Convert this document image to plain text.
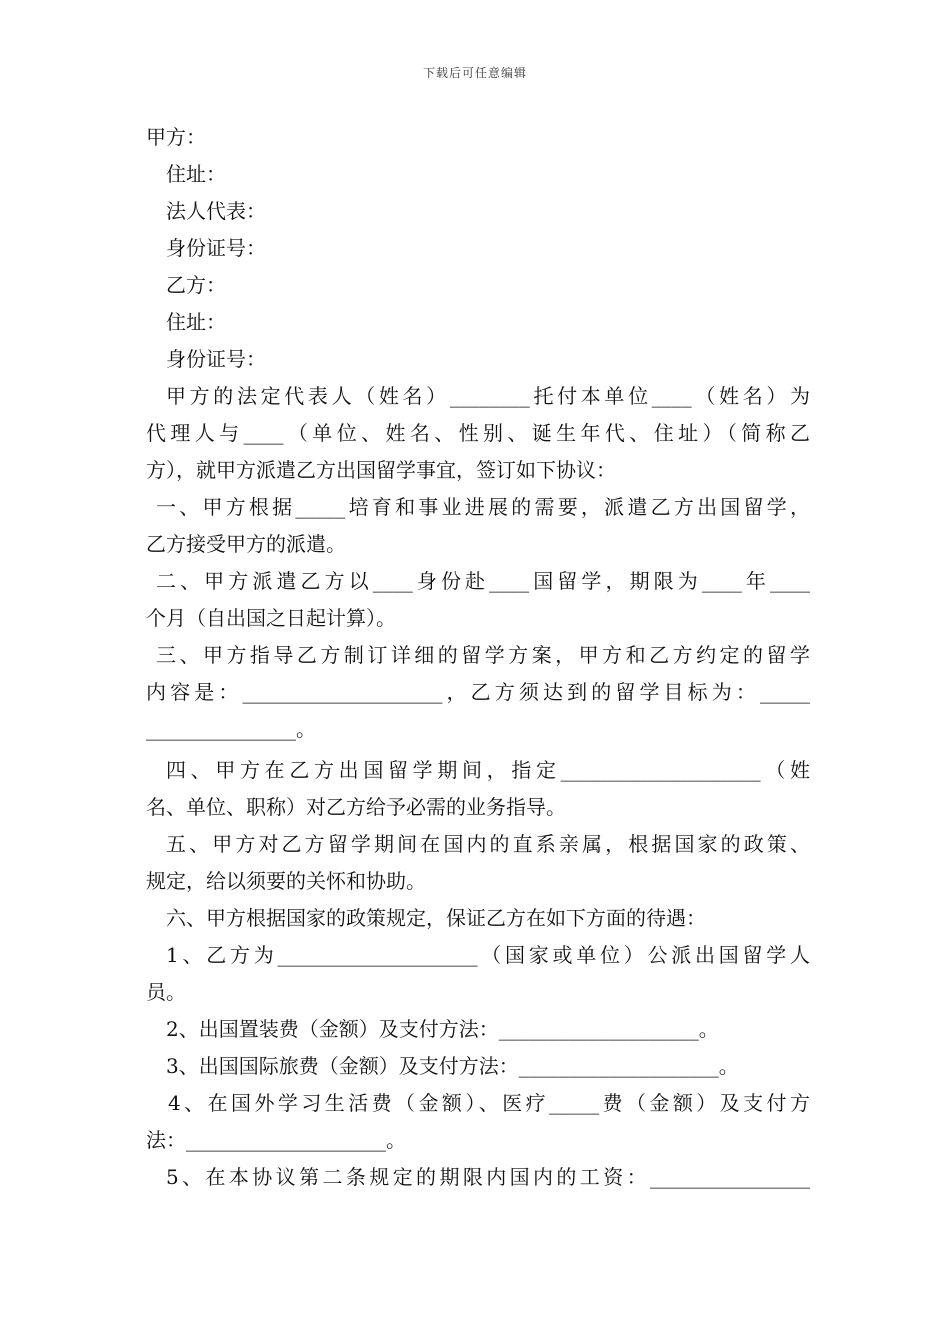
下载后可任意编辑
甲方：
住址：
法人代表：
身份证号：
乙方：
住址：
身份证号：
甲方的法定代表人（姓名）________托付本单位____（姓名）为
代理人与____（单位、姓名、性别、诞生年代、住址）（简称乙
方），就甲方派遣乙方出国留学事宜，签订如下协议：
一、甲方根据_____培育和事业进展的需要，派遣乙方出国留学，
乙方接受甲方的派遣。
二、甲方派遣乙方以____身份赴____国留学，期限为____年____
个月（自出国之日起计算）。
三、甲方指导乙方制订详细的留学方案，甲方和乙方约定的留学
内容是：____________________，乙方须达到的留学目标为：_____
_______________。
四、甲方在乙方出国留学期间，指定____________________（姓
名、单位、职称）对乙方给予必需的业务指导。
五、甲方对乙方留学期间在国内的直系亲属，根据国家的政策、
规定，给以须要的关怀和协助。
六、甲方根据国家的政策规定，保证乙方在如下方面的待遇：
1、乙方为____________________（国家或单位）公派出国留学人
员。
2、出国置装费（金额）及支付方法：____________________。
3、出国国际旅费（金额）及支付方法：____________________。
4、在国外学习生活费（金额）、医疗_____费（金额）及支付方
法：____________________。
5、在本协议第二条规定的期限内国内的工资：________________
